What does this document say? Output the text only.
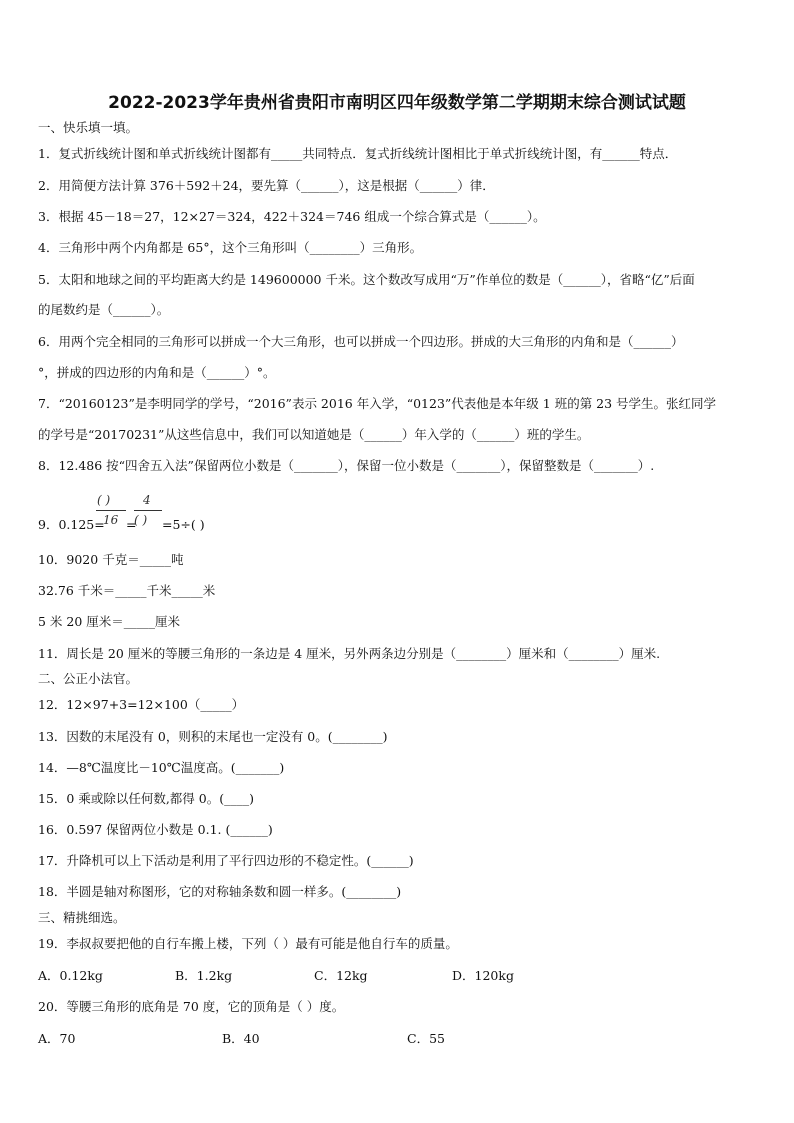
2022-2023学年贵州省贵阳市南明区四年级数学第二学期期末综合测试试题
一、快乐填一填。
1．复式折线统计图和单式折线统计图都有_____共同特点．复式折线统计图相比于单式折线统计图，有______特点．
2．用简便方法计算 376＋592＋24，要先算（______），这是根据（______）律．
3．根据 45－18＝27，12×27＝324，422＋324＝746 组成一个综合算式是（______）。
4．三角形中两个内角都是 65°，这个三角形叫（________）三角形。
5．太阳和地球之间的平均距离大约是 149600000 千米。这个数改写成用“万”作单位的数是（______），省略“亿”后面
的尾数约是（______）。
6．用两个完全相同的三角形可以拼成一个大三角形，也可以拼成一个四边形。拼成的大三角形的内角和是（______）
°，拼成的四边形的内角和是（______）°。
7．“20160123”是李明同学的学号，“2016”表示 2016 年入学，“0123”代表他是本年级 1 班的第 23 号学生。张红同学
的学号是“20170231”从这些信息中，我们可以知道她是（______）年入学的（______）班的学生。
8．12.486 按“四舍五入法”保留两位小数是（_______），保留一位小数是（_______），保留整数是（_______）.
( )
16
4
( )
9．0.125= = =5÷( )
10．9020 千克＝_____吨
32.76 千米＝_____千米_____米
5 米 20 厘米＝_____厘米
11．周长是 20 厘米的等腰三角形的一条边是 4 厘米，另外两条边分别是（________）厘米和（________）厘米.
二、公正小法官。
12．12×97+3=12×100（_____）
13．因数的末尾没有 0，则积的末尾也一定没有 0。(________)
14．—8℃温度比－10℃温度高。(_______)
15．0 乘或除以任何数,都得 0。(____)
16．0.597 保留两位小数是 0.1. (______)
17．升降机可以上下活动是利用了平行四边形的不稳定性。(______)
18．半圆是轴对称图形，它的对称轴条数和圆一样多。(________)
三、精挑细选。
19．李叔叔要把他的自行车搬上楼，下列（ ）最有可能是他自行车的质量。
A．0.12kg	B．1.2kg	C．12kg	D．120kg
20．等腰三角形的底角是 70 度，它的顶角是（ ）度。
A．70	B．40	C．55
